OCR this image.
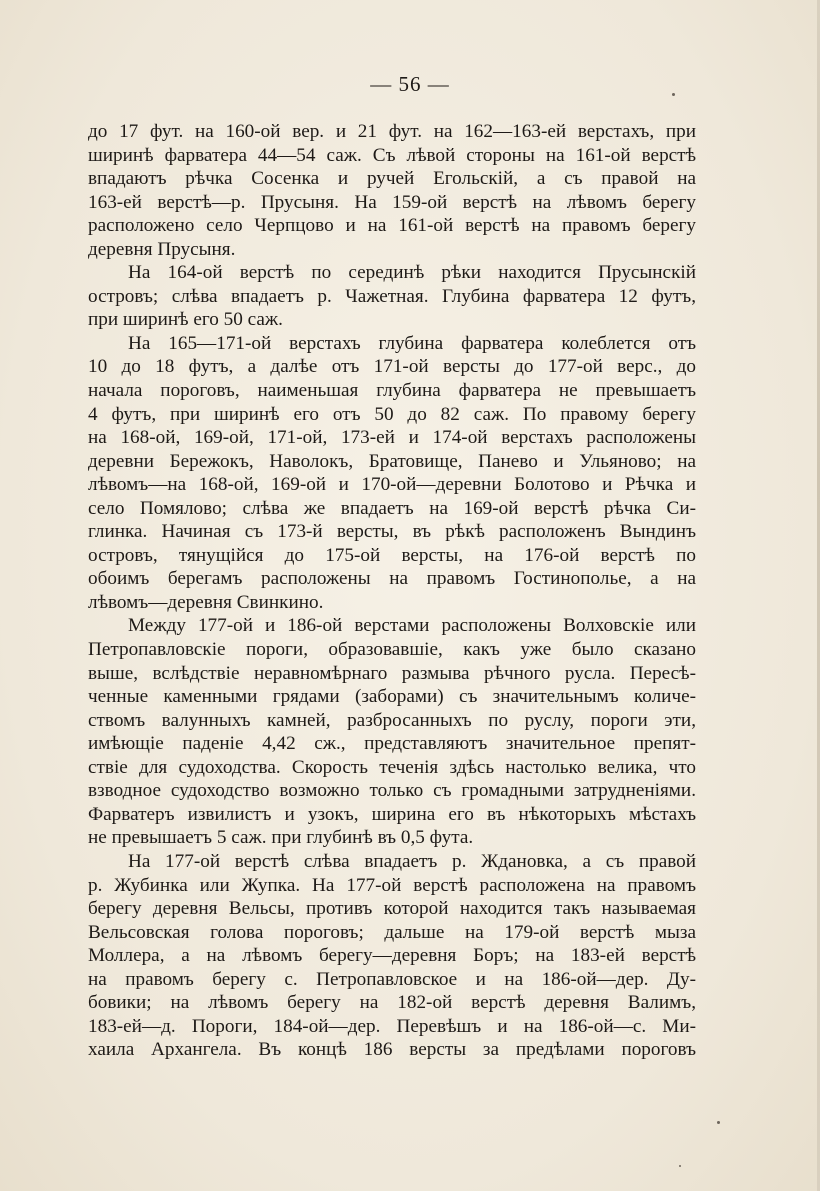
— 56 —
до 17 фут. на 160-ой вер. и 21 фут. на 162—163-ей верстахъ, при
ширинѣ фарватера 44—54 саж. Съ лѣвой стороны на 161-ой верстѣ
впадаютъ рѣчка Сосенка и ручей Егольскій, а съ правой на
163-ей верстѣ—р. Прусыня. На 159-ой верстѣ на лѣвомъ берегу
расположено село Черпцово и на 161-ой верстѣ на правомъ берегу
деревня Прусыня.
На 164-ой верстѣ по серединѣ рѣки находится Прусынскій
островъ; слѣва впадаетъ р. Чажетная. Глубина фарватера 12 футъ,
при ширинѣ его 50 саж.
На 165—171-ой верстахъ глубина фарватера колеблется отъ
10 до 18 футъ, а далѣе отъ 171-ой версты до 177-ой верс., до
начала пороговъ, наименьшая глубина фарватера не превышаетъ
4 футъ, при ширинѣ его отъ 50 до 82 саж. По правому берегу
на 168-ой, 169-ой, 171-ой, 173-ей и 174-ой верстахъ расположены
деревни Бережокъ, Наволокъ, Братовище, Панево и Ульяново; на
лѣвомъ—на 168-ой, 169-ой и 170-ой—деревни Болотово и Рѣчка и
село Помялово; слѣва же впадаетъ на 169-ой верстѣ рѣчка Си-
глинка. Начиная съ 173-й версты, въ рѣкѣ расположенъ Вындинъ
островъ, тянущійся до 175-ой версты, на 176-ой верстѣ по
обоимъ берегамъ расположены на правомъ Гостинополье, а на
лѣвомъ—деревня Свинкино.
Между 177-ой и 186-ой верстами расположены Волховскіе или
Петропавловскіе пороги, образовавшіе, какъ уже было сказано
выше, вслѣдствіе неравномѣрнаго размыва рѣчного русла. Пересѣ-
ченные каменными грядами (заборами) съ значительнымъ количе-
ствомъ валунныхъ камней, разбросанныхъ по руслу, пороги эти,
имѣющіе паденіе 4,42 сж., представляютъ значительное препят-
ствіе для судоходства. Скорость теченія здѣсь настолько велика, что
взводное судоходство возможно только съ громадными затрудненіями.
Фарватеръ извилистъ и узокъ, ширина его въ нѣкоторыхъ мѣстахъ
не превышаетъ 5 саж. при глубинѣ въ 0,5 фута.
На 177-ой верстѣ слѣва впадаетъ р. Ждановка, а съ правой
р. Жубинка или Жупка. На 177-ой верстѣ расположена на правомъ
берегу деревня Вельсы, противъ которой находится такъ называемая
Вельсовская голова пороговъ; дальше на 179-ой верстѣ мыза
Моллера, а на лѣвомъ берегу—деревня Боръ; на 183-ей верстѣ
на правомъ берегу с. Петропавловское и на 186-ой—дер. Ду-
бовики; на лѣвомъ берегу на 182-ой верстѣ деревня Валимъ,
183-ей—д. Пороги, 184-ой—дер. Перевѣшъ и на 186-ой—с. Ми-
хаила Архангела. Въ концѣ 186 версты за предѣлами пороговъ
